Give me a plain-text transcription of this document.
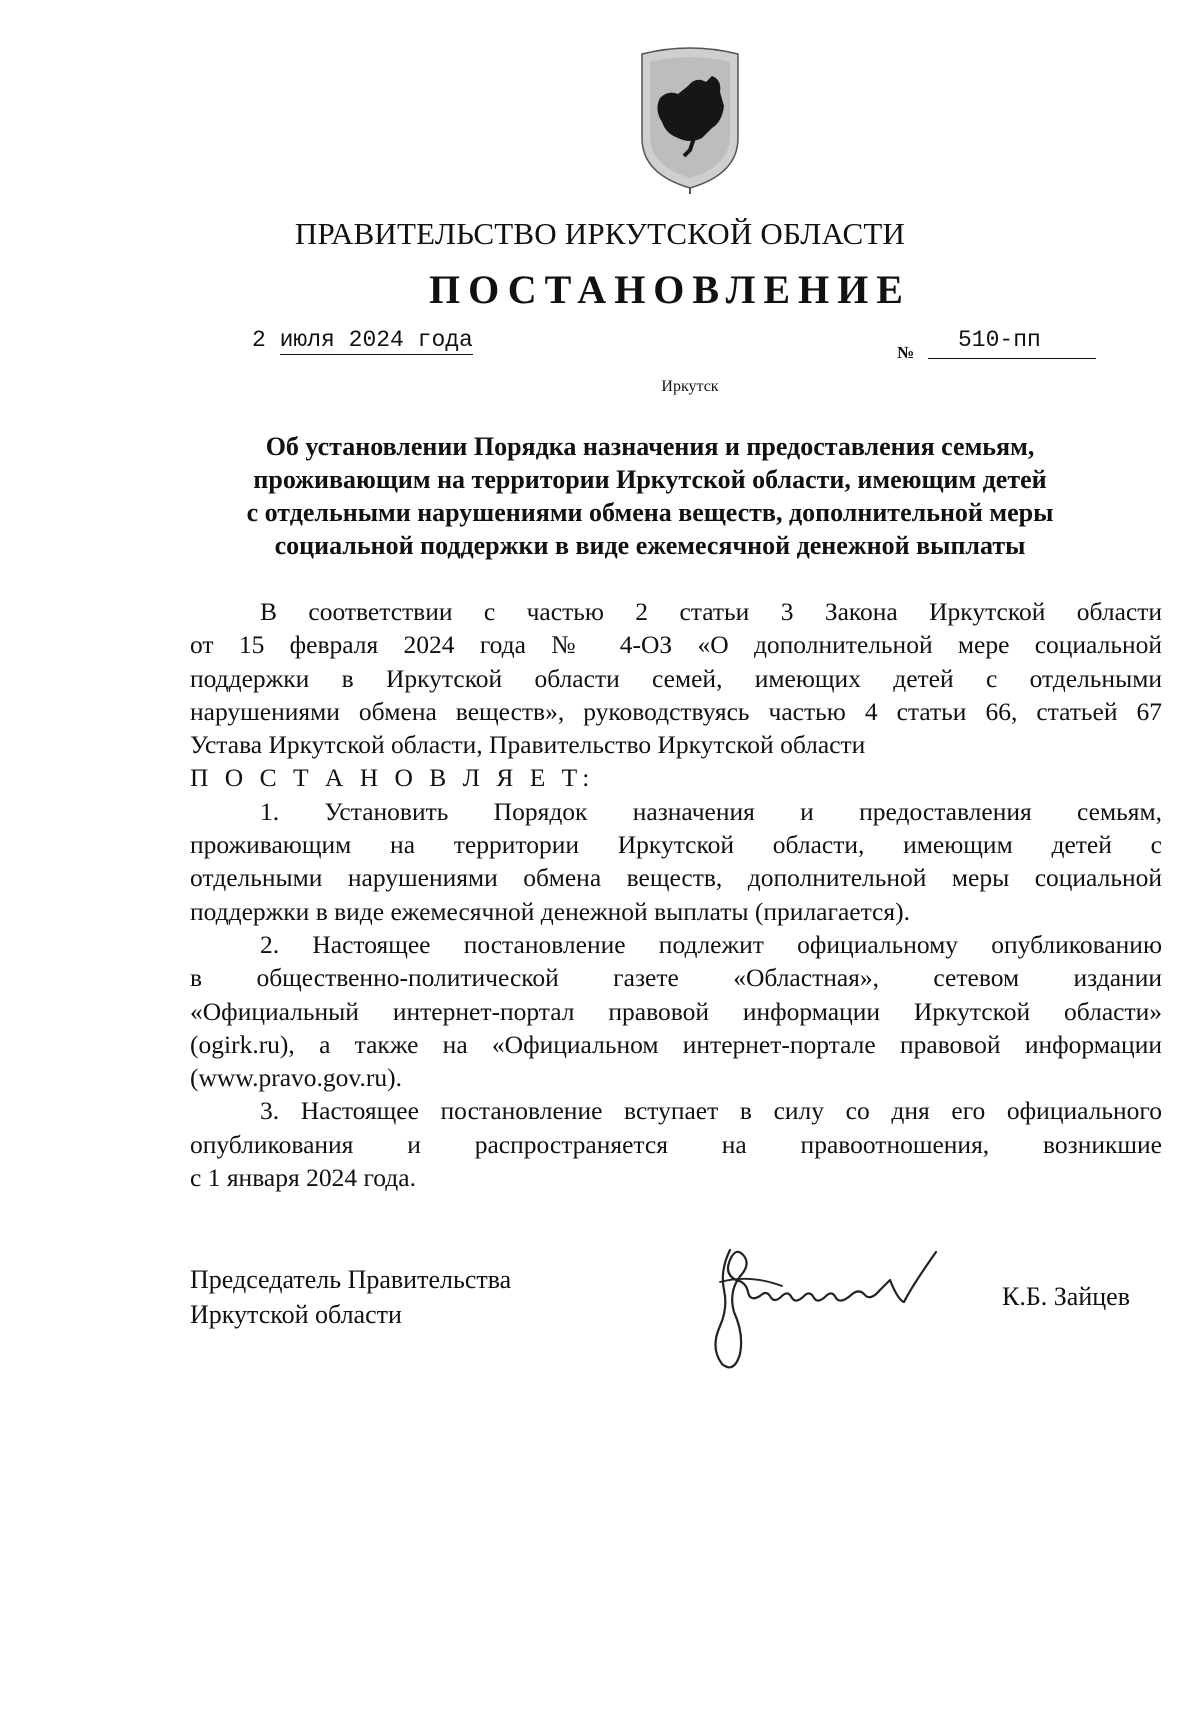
ПРАВИТЕЛЬСТВО ИРКУТСКОЙ ОБЛАСТИ
ПОСТАНОВЛЕНИЕ
2 июля 2024 года	№	510-пп
Иркутск
Об установлении Порядка назначения и предоставления семьям,
проживающим на территории Иркутской области, имеющим детей
с отдельными нарушениями обмена веществ, дополнительной меры
социальной поддержки в виде ежемесячной денежной выплаты
В соответствии с частью 2 статьи 3 Закона Иркутской области
от 15 февраля 2024 года № 4-ОЗ «О дополнительной мере социальной
поддержки в Иркутской области семей, имеющих детей с отдельными
нарушениями обмена веществ», руководствуясь частью 4 статьи 66, статьей 67
Устава Иркутской области, Правительство Иркутской области
П О С Т А Н О В Л Я Е Т:
1. Установить Порядок назначения и предоставления семьям,
проживающим на территории Иркутской области, имеющим детей с
отдельными нарушениями обмена веществ, дополнительной меры социальной
поддержки в виде ежемесячной денежной выплаты (прилагается).
2. Настоящее постановление подлежит официальному опубликованию
в общественно-политической газете «Областная», сетевом издании
«Официальный интернет-портал правовой информации Иркутской области»
(ogirk.ru), а также на «Официальном интернет-портале правовой информации
(www.pravo.gov.ru).
3. Настоящее постановление вступает в силу со дня его официального
опубликования и распространяется на правоотношения, возникшие
с 1 января 2024 года.
Председатель Правительства
Иркутской области
К.Б. Зайцев
